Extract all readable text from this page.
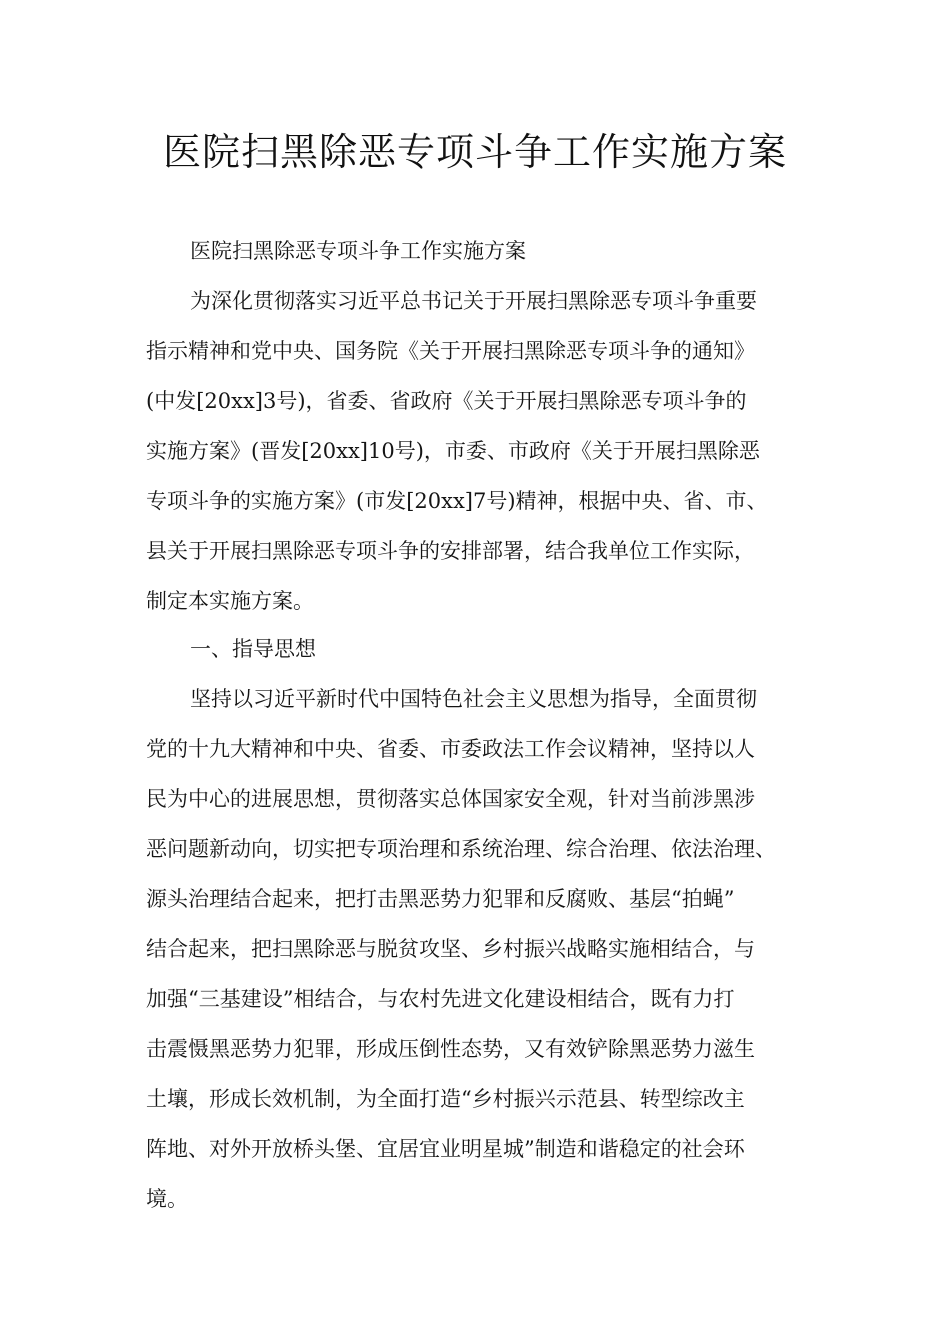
医院扫黑除恶专项斗争工作实施方案
医院扫黑除恶专项斗争工作实施方案
为深化贯彻落实习近平总书记关于开展扫黑除恶专项斗争重要
指示精神和党中央、国务院《关于开展扫黑除恶专项斗争的通知》
(中发[20xx]3号)，省委、省政府《关于开展扫黑除恶专项斗争的
实施方案》(晋发[20xx]10号)，市委、市政府《关于开展扫黑除恶
专项斗争的实施方案》(市发[20xx]7号)精神，根据中央、省、市、
县关于开展扫黑除恶专项斗争的安排部署，结合我单位工作实际，
制定本实施方案。
一、指导思想
坚持以习近平新时代中国特色社会主义思想为指导，全面贯彻
党的十九大精神和中央、省委、市委政法工作会议精神，坚持以人
民为中心的进展思想，贯彻落实总体国家安全观，针对当前涉黑涉
恶问题新动向，切实把专项治理和系统治理、综合治理、依法治理、
源头治理结合起来，把打击黑恶势力犯罪和反腐败、基层“拍蝇”
结合起来，把扫黑除恶与脱贫攻坚、乡村振兴战略实施相结合，与
加强“三基建设”相结合，与农村先进文化建设相结合，既有力打
击震慑黑恶势力犯罪，形成压倒性态势，又有效铲除黑恶势力滋生
土壤，形成长效机制，为全面打造“乡村振兴示范县、转型综改主
阵地、对外开放桥头堡、宜居宜业明星城”制造和谐稳定的社会环
境。
